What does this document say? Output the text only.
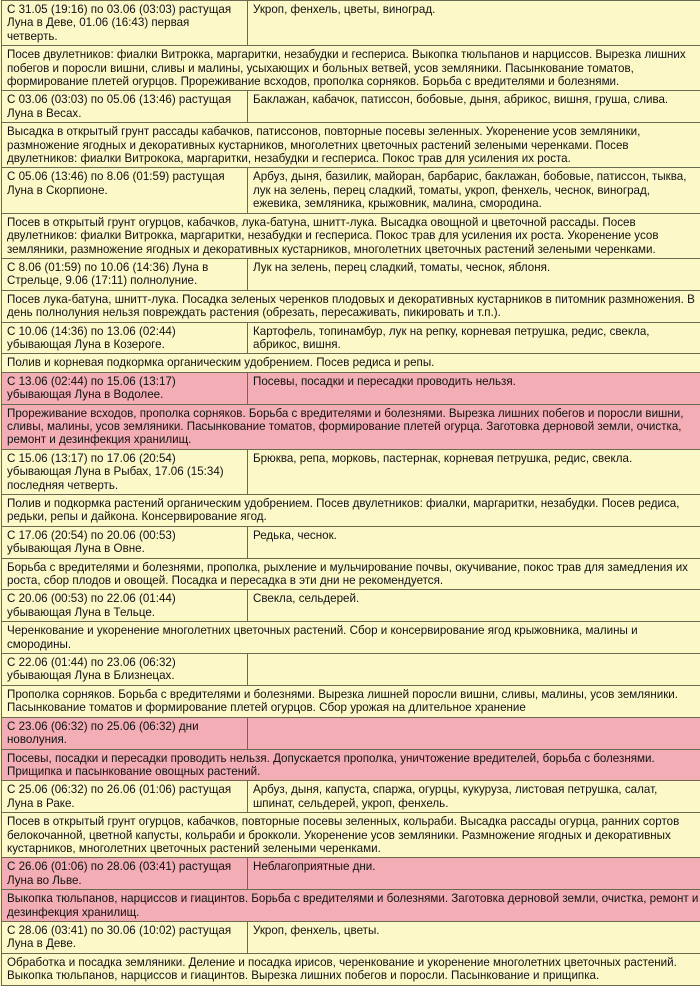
С 31.05 (19:16) по 03.06 (03:03) растущая Луна в Деве, 01.06 (16:43) первая четверть.	Укроп, фенхель, цветы, виноград.
Посев двулетников: фиалки Витрокка, маргаритки, незабудки и гесперисa. Выкопка тюльпанов и нарциссов. Вырезка лишних побегов и поросли вишни, сливы и малины, усыхающих и больных ветвей, усов земляники. Пасынкование томатов, формирование плетей огурцов. Прореживание всходов, прополка сорняков. Борьба с вредителями и болезнями.	
С 03.06 (03:03) по 05.06 (13:46) растущая Луна в Весах.	Баклажан, кабачок, патиссон, бобовые, дыня, абрикос, вишня, груша, слива.
Высадка в открытый грунт рассады кабачков, патиссонов, повторные посевы зеленных. Укоренение усов земляники, размножение ягодных и декоративных кустарников, многолетних цветочных растений зелеными черенками. Посев двулетников: фиалки Витрокока, маргаритки, незабудки и гесперисa. Покос трав для усиления их роста.	
С 05.06 (13:46) по 8.06 (01:59) растущая Луна в Скорпионе.	Арбуз, дыня, базилик, майоран, барбарис, баклажан, бобовые, патиссон, тыква, лук на зелень, перец сладкий, томаты, укроп, фенхель, чеснок, виноград, ежевика, земляника, крыжовник, малина, смородина.
Посев в открытый грунт огурцов, кабачков, лука-батуна, шнитт-лука. Высадка овощной и цветочной рассады. Посев двулетников: фиалки Витрокка, маргаритки, незабудки и гесперисa. Покос трав для усиления их роста. Укоренение усов земляники, размножение ягодных и декоративных кустарников, многолетних цветочных растений зелеными черенками.	
С 8.06 (01:59) по 10.06 (14:36) Луна в Стрельце, 9.06 (17:11) полнолуние.	Лук на зелень, перец сладкий, томаты, чеснок, яблоня.
Посев лука-батуна, шнитт-лука. Посадка зеленых черенков плодовых и декоративных кустарников в питомник размножения. В день полнолуния нельзя повреждать растения (обрезать, пересаживать, пикировать и т.п.).	
С 10.06 (14:36) по 13.06 (02:44) убывающая Луна в Козероге.	Картофель, топинамбур, лук на репку, корневая петрушка, редис, свекла, абрикос, вишня.
Полив и корневая подкормка органическим удобрением. Посев редиса и репы.	
С 13.06 (02:44) по 15.06 (13:17) убывающая Луна в Водолее.	Посевы, посадки и пересадки проводить нельзя.
Прореживание всходов, прополка сорняков. Борьба с вредителями и болезнями. Вырезка лишних побегов и поросли вишни, сливы, малины, усов земляники. Пасынкование томатов, формирование плетей огурца. Заготовка дерновой земли, очистка, ремонт и дезинфекция хранилищ.	
С 15.06 (13:17) по 17.06 (20:54) убывающая Луна в Рыбах, 17.06 (15:34) последняя четверть.	Брюква, репа, морковь, пастернак, корневая петрушка, редис, свекла.
Полив и подкормка растений органическим удобрением. Посев двулетников: фиалки, маргаритки, незабудки. Посев редиса, редьки, репы и дайкона. Консервирование ягод.	
С 17.06 (20:54) по 20.06 (00:53) убывающая Луна в Овне.	Редька, чеснок.
Борьба с вредителями и болезнями, прополка, рыхление и мульчирование почвы, окучивание, покос трав для замедления их роста, сбор плодов и овощей. Посадка и пересадка в эти дни не рекомендуется.	
С 20.06 (00:53) по 22.06 (01:44) убывающая Луна в Тельце.	Свекла, сельдерей.
Черенкование и укоренение многолетних цветочных растений. Сбор и консервирование ягод крыжовника, малины и смородины.	
С 22.06 (01:44) по 23.06 (06:32) убывающая Луна в Близнецах.	
Прополка сорняков. Борьба с вредителями и болезнями. Вырезка лишней поросли вишни, сливы, малины, усов земляники. Пасынкование томатов и формирование плетей огурцов. Сбор урожая на длительное хранение	
С 23.06 (06:32) по 25.06 (06:32) дни новолуния.	
Посевы, посадки и пересадки проводить нельзя. Допускается прополка, уничтожение вредителей, борьба с болезнями. Прищипка и пасынкование овощных растений.	
С 25.06 (06:32) по 26.06 (01:06) растущая Луна в Раке.	Арбуз, дыня, капуста, спаржа, огурцы, кукуруза, листовая петрушка, салат, шпинат, сельдерей, укроп, фенхель.
Посев в открытый грунт огурцов, кабачков, повторные посевы зеленных, кольраби. Высадка рассады огурца, ранних сортов белокочанной, цветной капусты, кольраби и брокколи. Укоренение усов земляники. Размножение ягодных и декоративных кустарников, многолетних цветочных растений зелеными черенками.	
С 26.06 (01:06) по 28.06 (03:41) растущая Луна во Льве.	Неблагоприятные дни.
Выкопка тюльпанов, нарциссов и гиацинтов. Борьба с вредителями и болезнями. Заготовка дерновой земли, очистка, ремонт и дезинфекция хранилищ.	
С 28.06 (03:41) по 30.06 (10:02) растущая Луна в Деве.	Укроп, фенхель, цветы.
Обработка и посадка земляники. Деление и посадка ирисов, черенкование и укоренение многолетних цветочных растений. Выкопка тюльпанов, нарциссов и гиацинтов. Вырезка лишних побегов и поросли. Пасынкование и прищипка.	
